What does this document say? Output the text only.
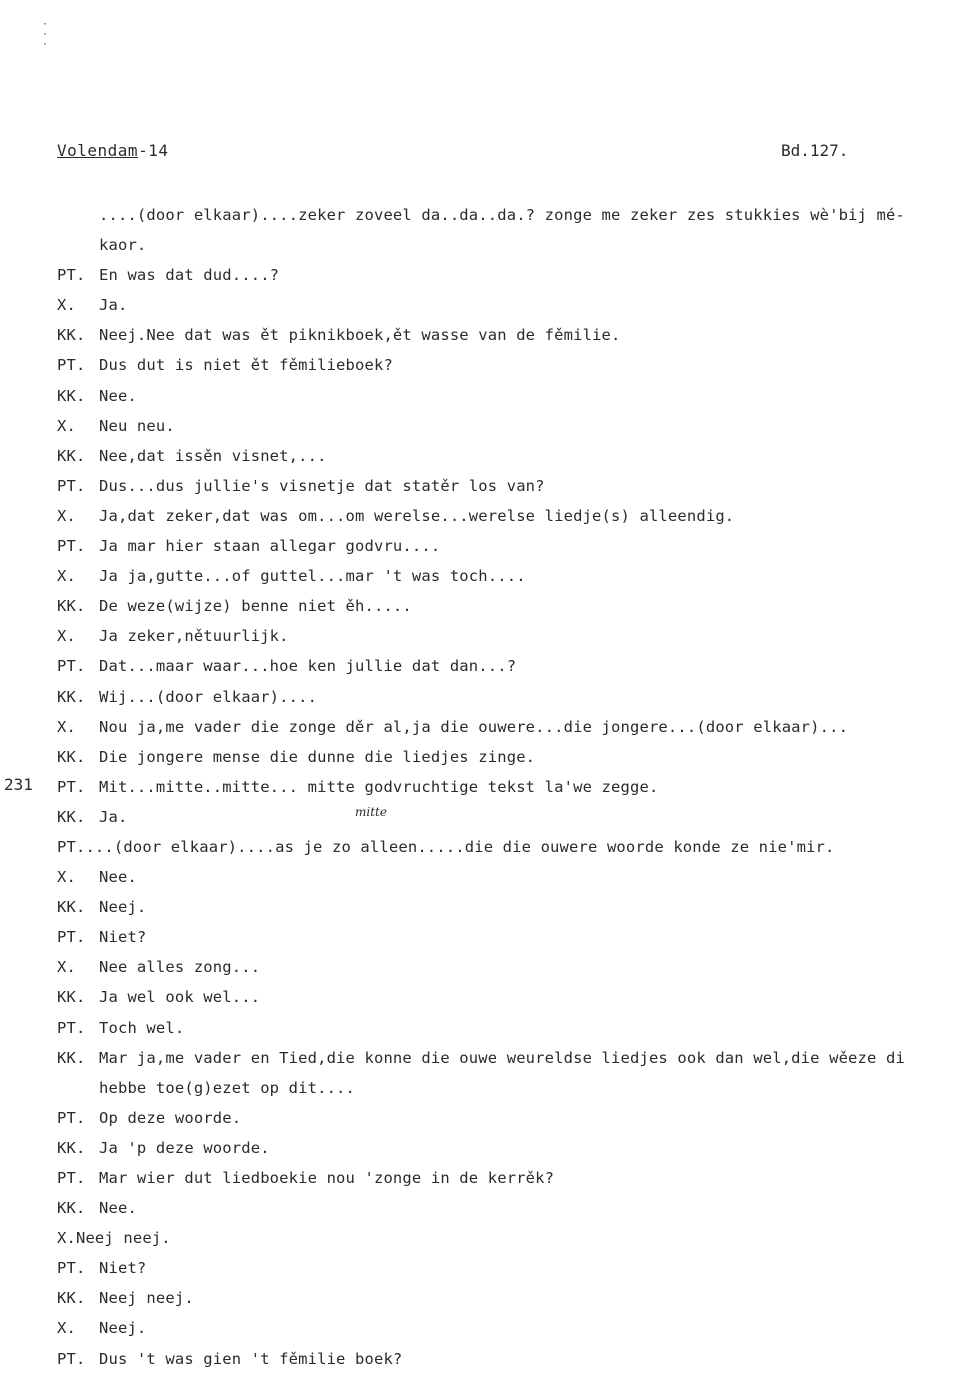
·
·
·
Volendam-14	Bd.127.
231
mitte
....(door elkaar)....zeker zoveel da..da..da.? zonge me zeker zes stukkies wè'bij mé-
kaor.
PT. En was dat dud....?
X. Ja.
KK. Neej.Nee dat was ět piknikboek,ět wasse van de fěmilie.
PT. Dus dut is niet ět fěmilieboek?
KK. Nee.
X. Neu neu.
KK. Nee,dat issěn visnet,...
PT. Dus...dus jullie's visnetje dat statěr los van?
X. Ja,dat zeker,dat was om...om werelse...werelse liedje(s) alleendig.
PT. Ja mar hier staan allegar godvru....
X. Ja ja,gutte...of guttel...mar 't was toch....
KK. De weze(wijze) benne niet ěh.....
X. Ja zeker,nětuurlijk.
PT. Dat...maar waar...hoe ken jullie dat dan...?
KK. Wij...(door elkaar)....
X. Nou ja,me vader die zonge děr al,ja die ouwere...die jongere...(door elkaar)...
KK. Die jongere mense die dunne die liedjes zinge.
PT. Mit...mitte..mitte... mitte godvruchtige tekst la'we zegge.
KK. Ja.
PT....(door elkaar)....as je zo alleen.....die die ouwere woorde konde ze nie'mir.
X. Nee.
KK. Neej.
PT. Niet?
X. Nee alles zong...
KK. Ja wel ook wel...
PT. Toch wel.
KK. Mar ja,me vader en Tied,die konne die ouwe weureldse liedjes ook dan wel,die wěeze di
hebbe toe(g)ezet op dit....
PT. Op deze woorde.
KK. Ja 'p deze woorde.
PT. Mar wier dut liedboekie nou 'zonge in de kerrěk?
KK. Nee.
X.Neej neej.
PT. Niet?
KK. Neej neej.
X. Neej.
PT. Dus 't was gien 't fěmilie boek?
